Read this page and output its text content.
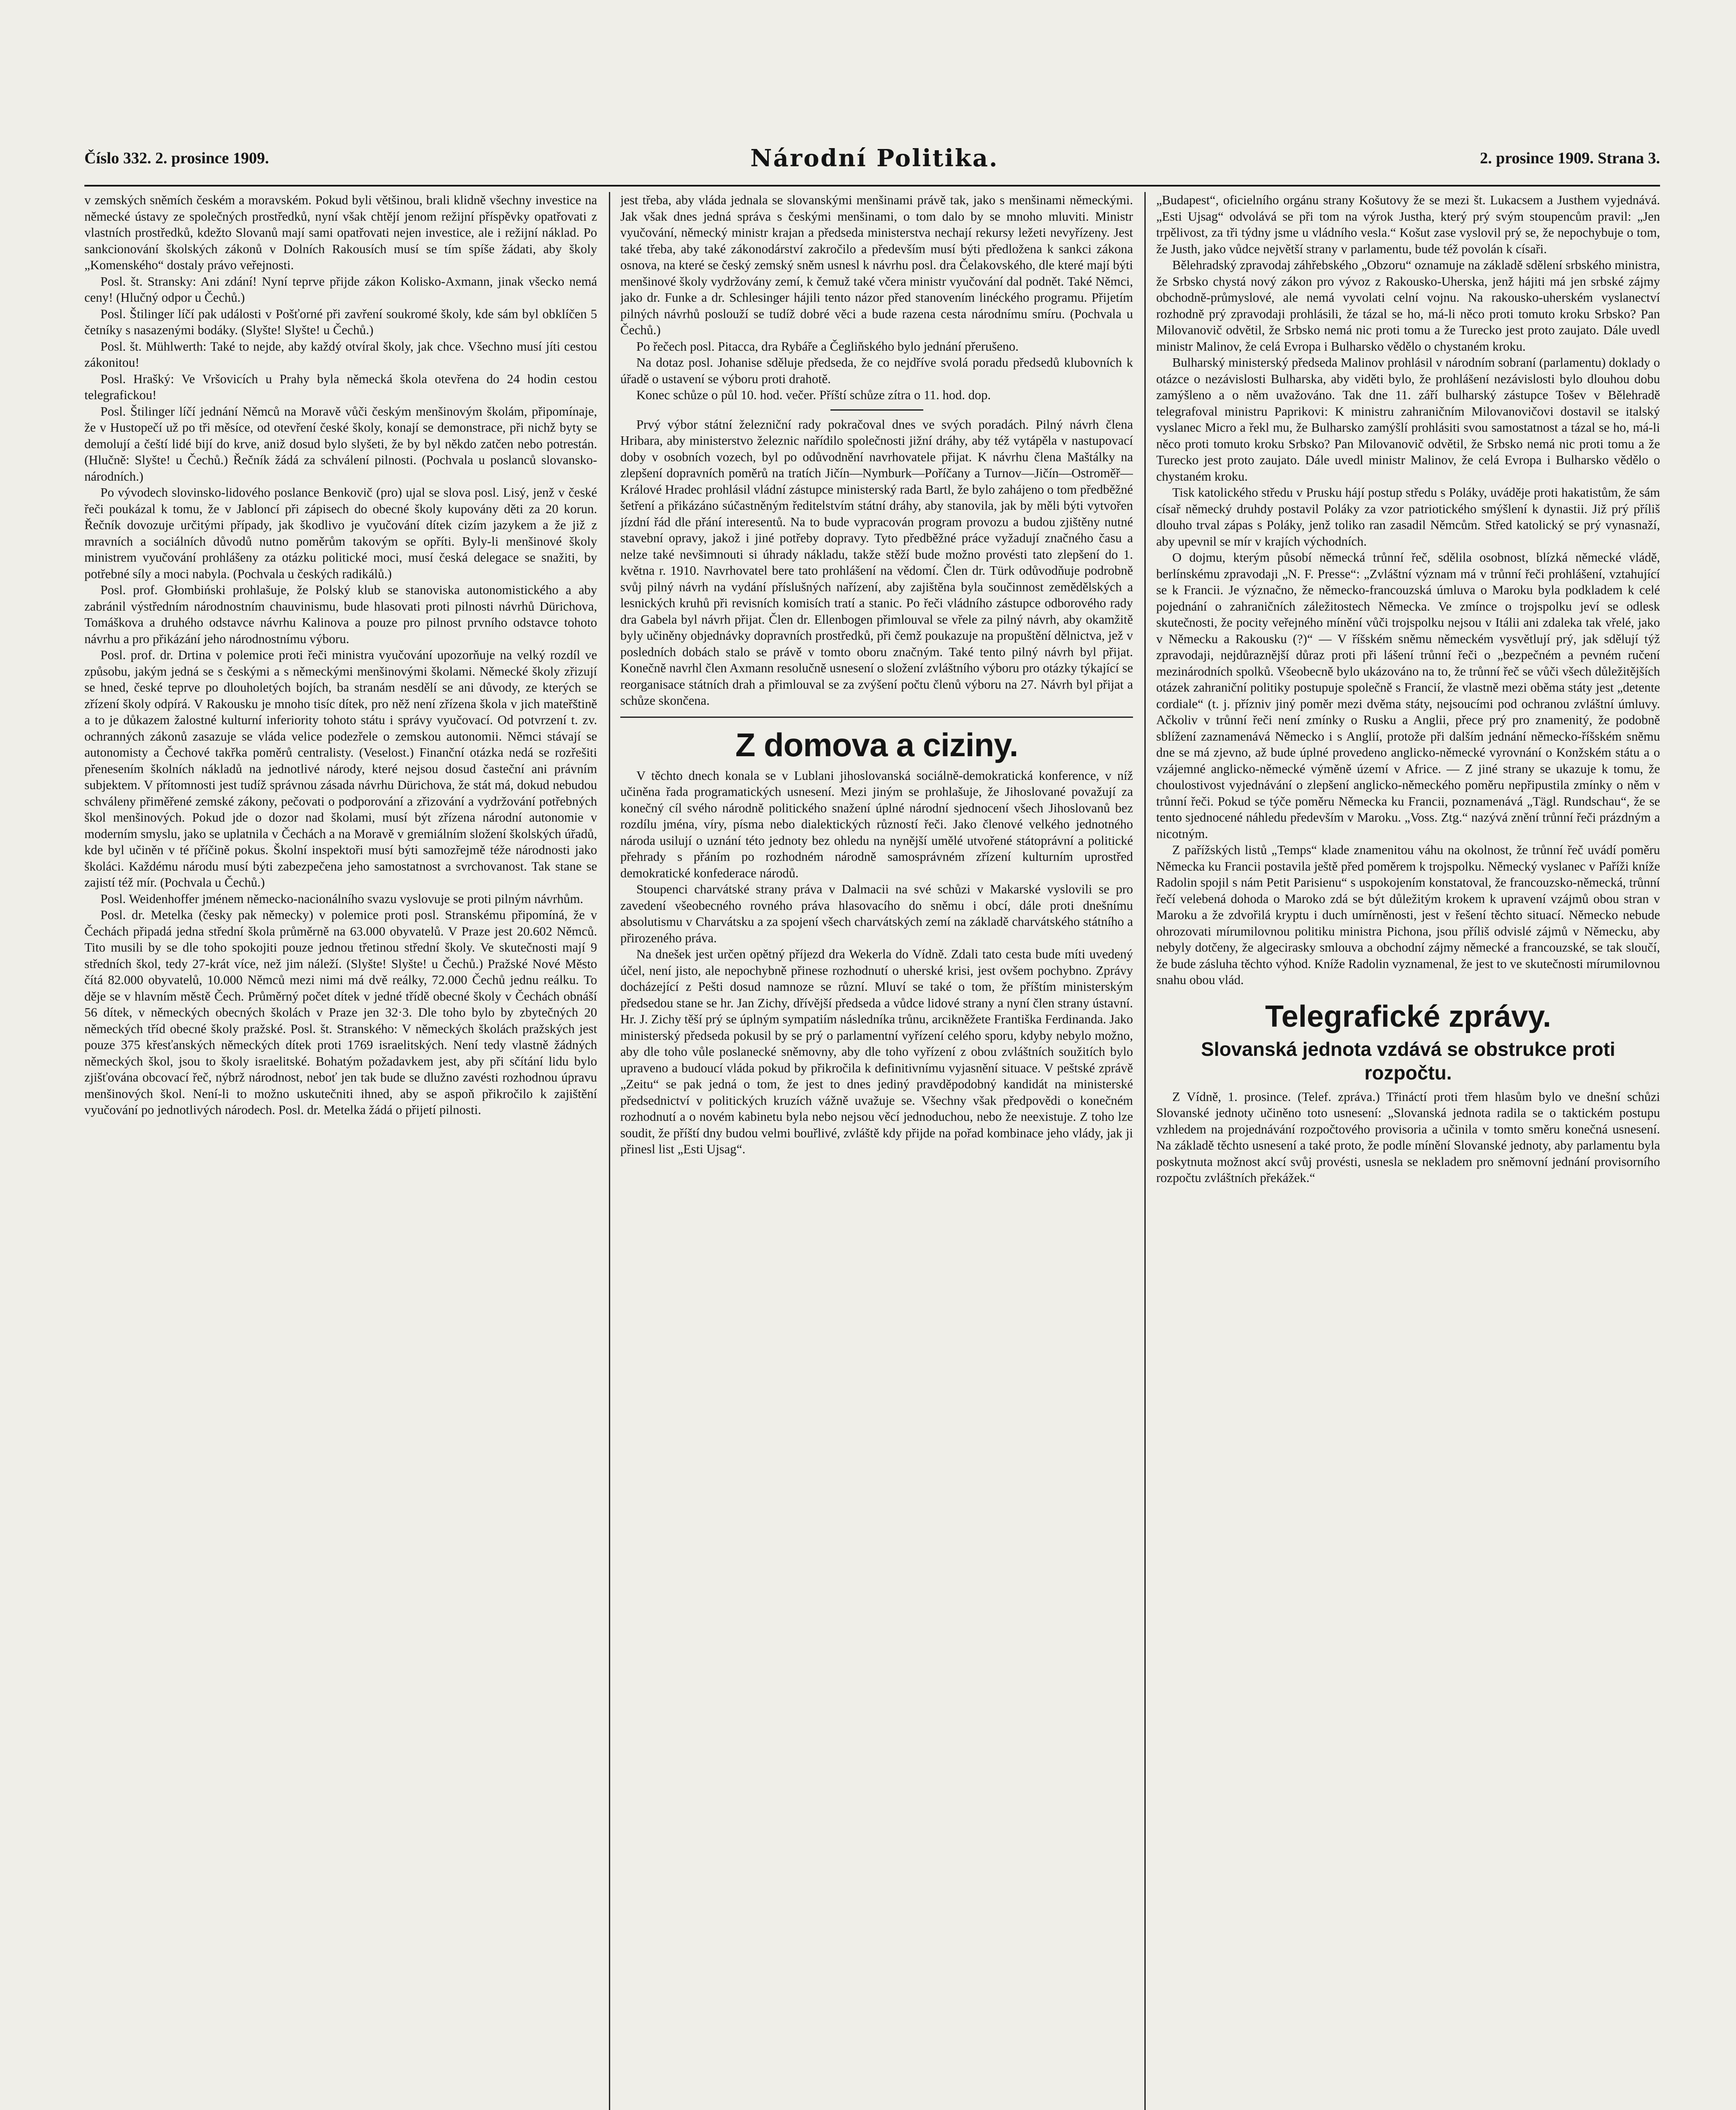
Číslo 332. 2. prosince 1909.	Národní Politika.	2. prosince 1909. Strana 3.

v zemských sněmích českém a moravském. Pokud byli většinou, brali klidně všechny investice na německé ústavy ze společných prostředků, nyní však chtějí jenom režijní příspěvky opatřovati z vlastních prostředků, kdežto Slovanů mají sami opatřovati nejen investice, ale i režijní náklad. Po sankcionování školských zákonů v Dolních Rakousích musí se tím spíše žádati, aby školy „Komenského“ dostaly právo veřejnosti.

Posl. št. Stransky: Ani zdání! Nyní teprve přijde zákon Kolisko-Axmann, jinak všecko nemá ceny! (Hlučný odpor u Čechů.)

Posl. Štilinger líčí pak události v Pošťorné při zavření soukromé školy, kde sám byl obklíčen 5 četníky s nasazenými bodáky. (Slyšte! Slyšte! u Čechů.)

Posl. št. Mühlwerth: Také to nejde, aby každý otvíral školy, jak chce. Všechno musí jíti cestou zákonitou!

Posl. Hrašký: Ve Vršovicích u Prahy byla německá škola otevřena do 24 hodin cestou telegrafickou!

Posl. Štilinger líčí jednání Němců na Moravě vůči českým menšinovým školám, připomínaje, že v Hustopečí už po tři měsíce, od otevření české školy, konají se demonstrace, při nichž byty se demolují a čeští lidé bijí do krve, aniž dosud bylo slyšeti, že by byl někdo zatčen nebo potrestán. (Hlučně: Slyšte! u Čechů.) Řečník žádá za schválení pilnosti. (Pochvala u poslanců slovansko-národních.)

Po vývodech slovinsko-lidového poslance Benkovič (pro) ujal se slova posl. Lisý, jenž v české řeči poukázal k tomu, že v Jabloncí při zápisech do obecné školy kupovány děti za 20 korun. Řečník dovozuje určitými případy, jak škodlivo je vyučování dítek cizím jazykem a že již z mravních a sociálních důvodů nutno poměrům takovým se opříti. Byly-li menšinové školy ministrem vyučování prohlášeny za otázku politické moci, musí česká delegace se snažiti, by potřebné síly a moci nabyla. (Pochvala u českých radikálů.)

Posl. prof. Głombiński prohlašuje, že Polský klub se stanoviska autonomistického a aby zabránil výstředním národnostním chauvinismu, bude hlasovati proti pilnosti návrhů Dürichova, Tomáškova a druhého odstavce návrhu Kalinova a pouze pro pilnost prvního odstavce tohoto návrhu a pro přikázání jeho národnostnímu výboru.

Posl. prof. dr. Drtina v polemice proti řeči ministra vyučování upozorňuje na velký rozdíl ve způsobu, jakým jedná se s českými a s německými menšinovými školami. Německé školy zřizují se hned, české teprve po dlouholetých bojích, ba stranám nesdělí se ani důvody, ze kterých se zřízení školy odpírá. V Rakousku je mnoho tisíc dítek, pro něž není zřízena škola v jich mateřštině a to je důkazem žalostné kulturní inferiority tohoto státu i správy vyučovací. Od potvrzení t. zv. ochranných zákonů zasazuje se vláda velice podezřele o zemskou autonomii. Němci stávají se autonomisty a Čechové takřka poměrů centralisty. (Veselost.) Finanční otázka nedá se rozřešiti přenesením školních nákladů na jednotlivé národy, které nejsou dosud časteční ani právním subjektem. V přítomnosti jest tudíž správnou zásada návrhu Dürichova, že stát má, dokud nebudou schváleny přiměřené zemské zákony, pečovati o podporování a zřizování a vydržování potřebných škol menšinových. Pokud jde o dozor nad školami, musí být zřízena národní autonomie v moderním smyslu, jako se uplatnila v Čechách a na Moravě v gremiálním složení školských úřadů, kde byl učiněn v té příčině pokus. Školní inspektoři musí býti samozřejmě téže národnosti jako školáci. Každému národu musí býti zabezpečena jeho samostatnost a svrchovanost. Tak stane se zajistí též mír. (Pochvala u Čechů.)

Posl. Weidenhoffer jménem německo-nacionálního svazu vyslovuje se proti pilným návrhům.

Posl. dr. Metelka (česky pak německy) v polemice proti posl. Stranskému připomíná, že v Čechách připadá jedna střední škola průměrně na 63.000 obyvatelů. V Praze jest 20.602 Němců. Tito musili by se dle toho spokojiti pouze jednou třetinou střední školy. Ve skutečnosti mají 9 středních škol, tedy 27-krát více, než jim náleží. (Slyšte! Slyšte! u Čechů.) Pražské Nové Město čítá 82.000 obyvatelů, 10.000 Němců mezi nimi má dvě reálky, 72.000 Čechů jednu reálku. To děje se v hlavním městě Čech. Průměrný počet dítek v jedné třídě obecné školy v Čechách obnáší 56 dítek, v německých obecných školách v Praze jen 32·3. Dle toho bylo by zbytečných 20 německých tříd obecné školy pražské. Posl. št. Stranského: V německých školách pražských jest pouze 375 křesťanských německých dítek proti 1769 israelitských. Není tedy vlastně žádných německých škol, jsou to školy israelitské. Bohatým požadavkem jest, aby při sčítání lidu bylo zjišťována obcovací řeč, nýbrž národnost, neboť jen tak bude se dlužno zavésti rozhodnou úpravu menšinových škol. Není-li to možno uskutečniti ihned, aby se aspoň přikročilo k zajištění vyučování po jednotlivých národech. Posl. dr. Metelka žádá o přijetí pilnosti.

jest třeba, aby vláda jednala se slovanskými menšinami právě tak, jako s menšinami německými. Jak však dnes jedná správa s českými menšinami, o tom dalo by se mnoho mluviti. Ministr vyučování, německý ministr krajan a předseda ministerstva nechají rekursy ležeti nevyřízeny. Jest také třeba, aby také zákonodárství zakročilo a především musí býti předložena k sankci zákona osnova, na které se český zemský sněm usnesl k návrhu posl. dra Čelakovského, dle které mají býti menšinové školy vydržovány zemí, k čemuž také včera ministr vyučování dal podnět. Také Němci, jako dr. Funke a dr. Schlesinger hájili tento názor před stanovením linéckého programu. Přijetím pilných návrhů poslouží se tudíž dobré věci a bude razena cesta národnímu smíru. (Pochvala u Čechů.)

Po řečech posl. Pitacca, dra Rybáře a Čegliňského bylo jednání přerušeno.

Na dotaz posl. Johanise sděluje předseda, že co nejdříve svolá poradu předsedů klubovních k úřadě o ustavení se výboru proti drahotě.

Konec schůze o půl 10. hod. večer. Příští schůze zítra o 11. hod. dop.

Prvý výbor státní železniční rady pokračoval dnes ve svých poradách. Pilný návrh člena Hribara, aby ministerstvo železnic nařídilo společnosti jižní dráhy, aby též vytápěla v nastupovací doby v osobních vozech, byl po odůvodnění navrhovatele přijat. K návrhu člena Maštálky na zlepšení dopravních poměrů na tratích Jičín—Nymburk—Poříčany a Turnov—Jičín—Ostroměř—Králové Hradec prohlásil vládní zástupce ministerský rada Bartl, že bylo zahájeno o tom předběžné šetření a přikázáno súčastněným ředitelstvím státní dráhy, aby stanovila, jak by měli býti vytvořen jízdní řád dle přání interesentů. Na to bude vypracován program provozu a budou zjištěny nutné stavební opravy, jakož i jiné potřeby dopravy. Tyto předběžné práce vyžadují značného času a nelze také nevšimnouti si úhrady nákladu, takže stěží bude možno provésti tato zlepšení do 1. května r. 1910. Navrhovatel bere tato prohlášení na vědomí. Člen dr. Türk odůvodňuje podrobně svůj pilný návrh na vydání příslušných nařízení, aby zajištěna byla součinnost zemědělských a lesnických kruhů při revisních komisích tratí a stanic. Po řeči vládního zástupce odborového rady dra Gabela byl návrh přijat. Člen dr. Ellenbogen přimlouval se vřele za pilný návrh, aby okamžitě byly učiněny objednávky dopravních prostředků, při čemž poukazuje na propuštění dělnictva, jež v posledních dobách stalo se právě v tomto oboru značným. Také tento pilný návrh byl přijat. Konečně navrhl člen Axmann resolučně usnesení o složení zvláštního výboru pro otázky týkající se reorganisace státních drah a přimlouval se za zvýšení počtu členů výboru na 27. Návrh byl přijat a schůze skončena.

Z domova a ciziny.

V těchto dnech konala se v Lublani jihoslovanská sociálně-demokratická konference, v níž učiněna řada programatických usnesení. Mezi jiným se prohlašuje, že Jihoslované považují za konečný cíl svého národně politického snažení úplné národní sjednocení všech Jihoslovanů bez rozdílu jména, víry, písma nebo dialektických růzností řeči. Jako členové velkého jednotného národa usilují o uznání této jednoty bez ohledu na nynější umělé utvořené státoprávní a politické přehrady s přáním po rozhodném národně samosprávném zřízení kulturním uprostřed demokratické konfederace národů.

Stoupenci charvátské strany práva v Dalmacii na své schůzi v Makarské vyslovili se pro zavedení všeobecného rovného práva hlasovacího do sněmu i obcí, dále proti dnešnímu absolutismu v Charvátsku a za spojení všech charvátských zemí na základě charvátského státního a přirozeného práva.

Na dnešek jest určen opětný příjezd dra Wekerla do Vídně. Zdali tato cesta bude míti uvedený účel, není jisto, ale nepochybně přinese rozhodnutí o uherské krisi, jest ovšem pochybno. Zprávy docházející z Pešti dosud namnoze se různí. Mluví se také o tom, že příštím ministerským předsedou stane se hr. Jan Zichy, dřívější předseda a vůdce lidové strany a nyní člen strany ústavní. Hr. J. Zichy těší prý se úplným sympatiím následníka trůnu, arcikněžete Františka Ferdinanda. Jako ministerský předseda pokusil by se prý o parlamentní vyřízení celého sporu, kdyby nebylo možno, aby dle toho vůle poslanecké sněmovny, aby dle toho vyřízení z obou zvláštních soužitích bylo upraveno a budoucí vláda pokud by přikročila k definitivnímu vyjasnění situace. V peštské zprávě „Zeitu“ se pak jedná o tom, že jest to dnes jediný pravděpodobný kandidát na ministerské předsednictví v politických kruzích vážně uvažuje se. Všechny však předpovědi o konečném rozhodnutí a o novém kabinetu byla nebo nejsou věcí jednoduchou, nebo že neexistuje. Z toho lze soudit, že příští dny budou velmi bouřlivé, zvláště kdy přijde na pořad kombinace jeho vlády, jak ji přinesl list „Esti Ujsag“.

„Budapest“, oficielního orgánu strany Košutovy že se mezi št. Lukacsem a Justhem vyjednává. „Esti Ujsag“ odvolává se při tom na výrok Justha, který prý svým stoupencům pravil: „Jen trpělivost, za tři týdny jsme u vládního vesla.“ Košut zase vyslovil prý se, že nepochybuje o tom, že Justh, jako vůdce největší strany v parlamentu, bude též povolán k císaři.

Bělehradský zpravodaj záhřebského „Obzoru“ oznamuje na základě sdělení srbského ministra, že Srbsko chystá nový zákon pro vývoz z Rakousko-Uherska, jenž hájiti má jen srbské zájmy obchodně-průmyslové, ale nemá vyvolati celní vojnu. Na rakousko-uherském vyslanectví rozhodně prý zpravodaji prohlásili, že tázal se ho, má-li něco proti tomuto kroku Srbsko? Pan Milovanovič odvětil, že Srbsko nemá nic proti tomu a že Turecko jest proto zaujato. Dále uvedl ministr Malinov, že celá Evropa i Bulharsko vědělo o chystaném kroku.

Bulharský ministerský předseda Malinov prohlásil v národním sobraní (parlamentu) doklady o otázce o nezávislosti Bulharska, aby viděti bylo, že prohlášení nezávislosti bylo dlouhou dobu zamýšleno a o něm uvažováno. Tak dne 11. září bulharský zástupce Tošev v Bělehradě telegrafoval ministru Paprikovi: K ministru zahraničním Milovanovičovi dostavil se italský vyslanec Micro a řekl mu, že Bulharsko zamýšlí prohlásiti svou samostatnost a tázal se ho, má-li něco proti tomuto kroku Srbsko? Pan Milovanovič odvětil, že Srbsko nemá nic proti tomu a že Turecko jest proto zaujato. Dále uvedl ministr Malinov, že celá Evropa i Bulharsko vědělo o chystaném kroku.

Tisk katolického středu v Prusku hájí postup středu s Poláky, uváděje proti hakatistům, že sám císař německý druhdy postavil Poláky za vzor patriotického smýšlení k dynastii. Již prý příliš dlouho trval zápas s Poláky, jenž toliko ran zasadil Němcům. Střed katolický se prý vynasnaží, aby upevnil se mír v krajích východních.

O dojmu, kterým působí německá trůnní řeč, sdělila osobnost, blízká německé vládě, berlínskému zpravodaji „N. F. Presse“: „Zvláštní význam má v trůnní řeči prohlášení, vztahující se k Francii. Je význačno, že německo-francouzská úmluva o Maroku byla podkladem k celé pojednání o zahraničních záležitostech Německa. Ve zmínce o trojspolku jeví se odlesk skutečnosti, že pocity veřejného mínění vůči trojspolku nejsou v Itálii ani zdaleka tak vřelé, jako v Německu a Rakousku (?)“ — V říšském sněmu německém vysvětlují prý, jak sdělují týž zpravodaji, nejdůraznější důraz proti při lášení trůnní řeči o „bezpečném a pevném ručení mezinárodních spolků. Všeobecně bylo ukázováno na to, že trůnní řeč se vůči všech důležitějších otázek zahraniční politiky postupuje společně s Francií, že vlastně mezi oběma státy jest „detente cordiale“ (t. j. přízniv jiný poměr mezi dvěma státy, nejsoucími pod ochranou zvláštní úmluvy. Ačkoliv v trůnní řeči není zmínky o Rusku a Anglii, přece prý pro znamenitý, že podobně sblížení zaznamenává Německo i s Anglií, protože při dalším jednání německo-říšském sněmu dne se má zjevno, až bude úplné provedeno anglicko-německé vyrovnání o Konžském státu a o vzájemné anglicko-německé výměně území v Africe. — Z jiné strany se ukazuje k tomu, že choulostivost vyjednávání o zlepšení anglicko-německého poměru nepřipustila zmínky o něm v trůnní řeči. Pokud se týče poměru Německa ku Francii, poznamenává „Tägl. Rundschau“, že se tento sjednocené náhledu především v Maroku. „Voss. Ztg.“ nazývá znění trůnní řeči prázdným a nicotným.

Z pařížských listů „Temps“ klade znamenitou váhu na okolnost, že trůnní řeč uvádí poměru Německa ku Francii postavila ještě před poměrem k trojspolku. Německý vyslanec v Paříži kníže Radolin spojil s nám Petit Parisienu“ s uspokojením konstatoval, že francouzsko-německá, trůnní řečí velebená dohoda o Maroko zdá se být důležitým krokem k upravení vzájmů obou stran v Maroku a že zdvořilá kryptu i duch umírněnosti, jest v řešení těchto situací. Německo nebude ohrozovati mírumilovnou politiku ministra Pichona, jsou příliš odvislé zájmů v Německu, aby nebyly dotčeny, že algecirasky smlouva a obchodní zájmy německé a francouzské, se tak sloučí, že bude zásluha těchto výhod. Kníže Radolin vyznamenal, že jest to ve skutečnosti mírumilovnou snahu obou vlád.

Telegrafické zprávy.
Slovanská jednota vzdává se obstrukce proti rozpočtu.

Z Vídně, 1. prosince. (Telef. zpráva.) Třináctí proti třem hlasům bylo ve dnešní schůzi Slovanské jednoty učiněno toto usnesení: „Slovanská jednota radila se o taktickém postupu vzhledem na projednávání rozpočtového provisoria a učinila v tomto směru konečná usnesení. Na základě těchto usnesení a také proto, že podle mínění Slovanské jednoty, aby parlamentu byla poskytnuta možnost akcí svůj provésti, usnesla se nekladem pro sněmovní jednání provisorního rozpočtu zvláštních překážek.“
